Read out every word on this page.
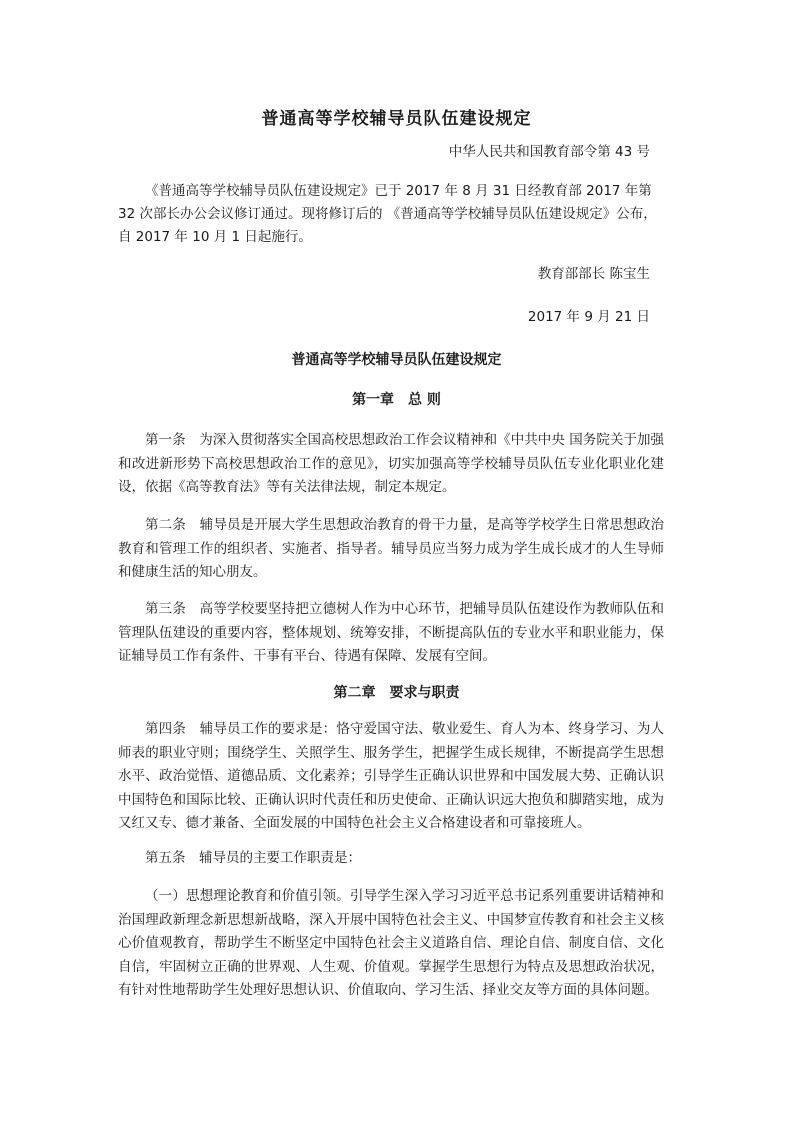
普通高等学校辅导员队伍建设规定
中华人民共和国教育部令第 43 号

《普通高等学校辅导员队伍建设规定》已于 2017 年 8 月 31 日经教育部 2017 年第 32 次部长办公会议修订通过。现将修订后的 《普通高等学校辅导员队伍建设规定》公布，自 2017 年 10 月 1 日起施行。

教育部部长 陈宝生
2017 年 9 月 21 日
普通高等学校辅导员队伍建设规定
第一章　总 则

第一条　 为深入贯彻落实全国高校思想政治工作会议精神和《中共中央 国务院关于加强和改进新形势下高校思想政治工作的意见》，切实加强高等学校辅导员队伍专业化职业化建设，依据《高等教育法》等有关法律法规，制定本规定。

第二条　 辅导员是开展大学生思想政治教育的骨干力量，是高等学校学生日常思想政治教育和管理工作的组织者、实施者、指导者。辅导员应当努力成为学生成长成才的人生导师和健康生活的知心朋友。

第三条　 高等学校要坚持把立德树人作为中心环节，把辅导员队伍建设作为教师队伍和管理队伍建设的重要内容，整体规划、统筹安排，不断提高队伍的专业水平和职业能力，保证辅导员工作有条件、干事有平台、待遇有保障、发展有空间。

第二章　要求与职责

第四条　 辅导员工作的要求是：恪守爱国守法、敬业爱生、育人为本、终身学习、为人师表的职业守则；围绕学生、关照学生、服务学生，把握学生成长规律，不断提高学生思想水平、政治觉悟、道德品质、文化素养；引导学生正确认识世界和中国发展大势、正确认识中国特色和国际比较、正确认识时代责任和历史使命、正确认识远大抱负和脚踏实地，成为又红又专、德才兼备、全面发展的中国特色社会主义合格建设者和可靠接班人。

第五条　 辅导员的主要工作职责是：

（一）思想理论教育和价值引领。引导学生深入学习习近平总书记系列重要讲话精神和治国理政新理念新思想新战略，深入开展中国特色社会主义、中国梦宣传教育和社会主义核心价值观教育，帮助学生不断坚定中国特色社会主义道路自信、理论自信、制度自信、文化自信，牢固树立正确的世界观、人生观、价值观。掌握学生思想行为特点及思想政治状况，有针对性地帮助学生处理好思想认识、价值取向、学习生活、择业交友等方面的具体问题。
